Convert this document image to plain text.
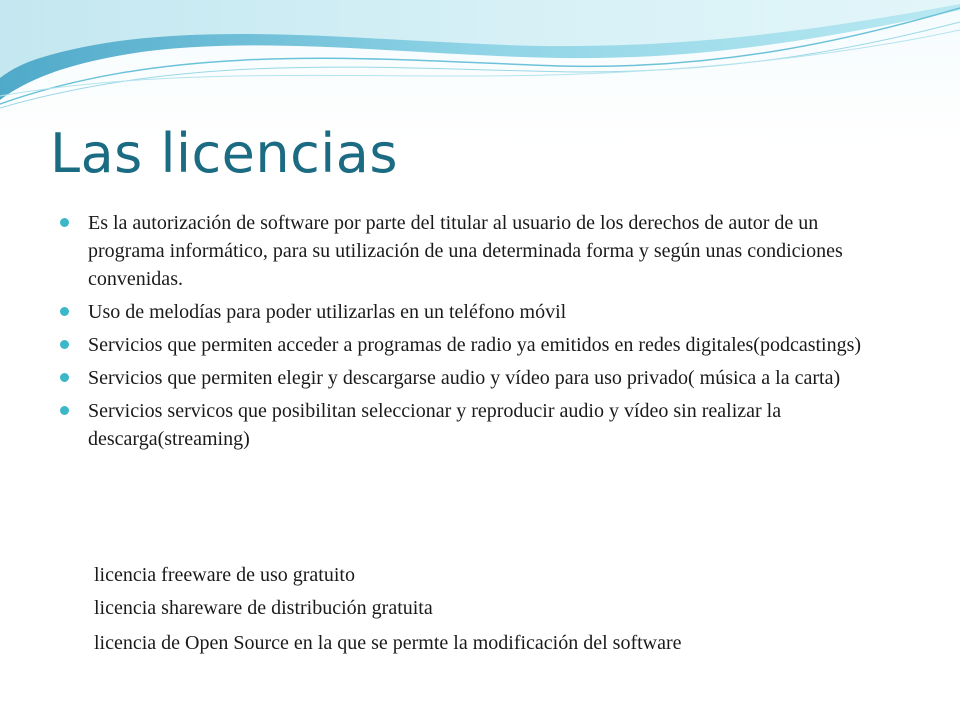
Las licencias
Es la autorización de software por parte del titular al usuario de los derechos de autor de un programa informático, para su utilización de una determinada forma y según unas condiciones convenidas.
Uso de melodías para poder utilizarlas en un teléfono móvil
Servicios que permiten acceder a programas de radio ya emitidos en redes digitales(podcastings)
Servicios que permiten elegir y descargarse audio y vídeo para uso privado( música a la carta)
Servicios servicos que posibilitan seleccionar y reproducir audio y vídeo sin realizar la descarga(streaming)
licencia freeware de uso gratuito
licencia shareware de distribución gratuita
licencia de Open Source en la que se permte la modificación del software
